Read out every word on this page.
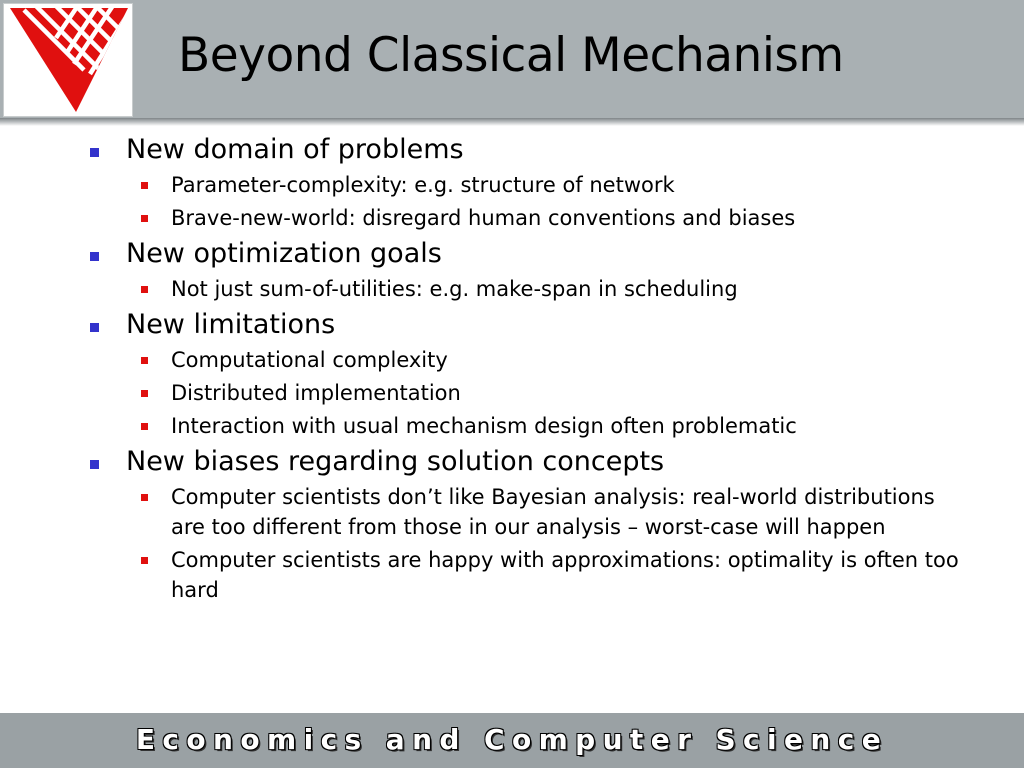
Beyond Classical Mechanism
New domain of problems
Parameter-complexity: e.g. structure of network
Brave-new-world: disregard human conventions and biases
New optimization goals
Not just sum-of-utilities: e.g. make-span in scheduling
New limitations
Computational complexity
Distributed implementation
Interaction with usual mechanism design often problematic
New biases regarding solution concepts
Computer scientists don’t like Bayesian analysis: real-world distributions are too different from those in our analysis – worst-case will happen
Computer scientists are happy with approximations: optimality is often too hard
Economics and Computer Science
